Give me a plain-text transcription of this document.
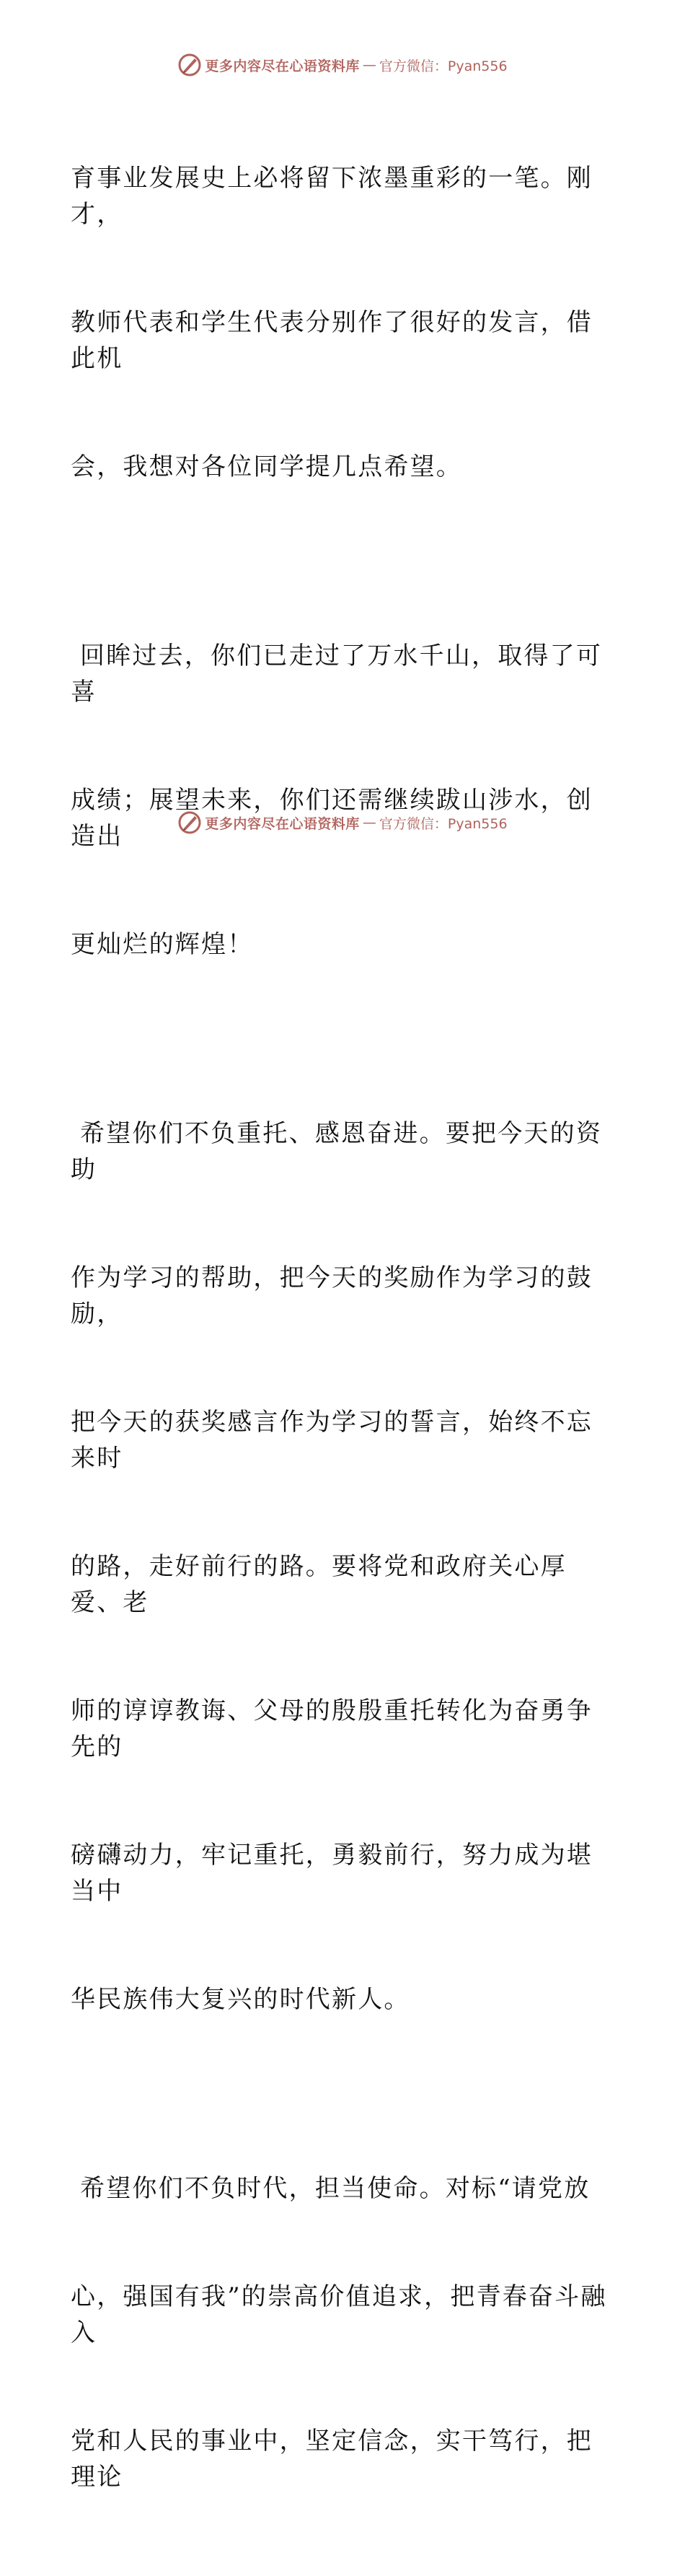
更多内容尽在心语资料库 — 官方微信：Pyan556

育事业发展史上必将留下浓墨重彩的一笔。刚才，

教师代表和学生代表分别作了很好的发言，借此机

会，我想对各位同学提几点希望。

回眸过去，你们已走过了万水千山，取得了可喜

成绩；展望未来，你们还需继续跋山涉水，创造出

更灿烂的辉煌！

希望你们不负重托、感恩奋进。要把今天的资助

作为学习的帮助，把今天的奖励作为学习的鼓励，

把今天的获奖感言作为学习的誓言，始终不忘来时

的路，走好前行的路。要将党和政府关心厚爱、老

师的谆谆教诲、父母的殷殷重托转化为奋勇争先的

磅礴动力，牢记重托，勇毅前行，努力成为堪当中

华民族伟大复兴的时代新人。

希望你们不负时代，担当使命。对标“请党放

心，强国有我”的崇高价值追求，把青春奋斗融入

党和人民的事业中，坚定信念，实干笃行，把理论

更多内容尽在心语资料库 — 官方微信：Pyan556
